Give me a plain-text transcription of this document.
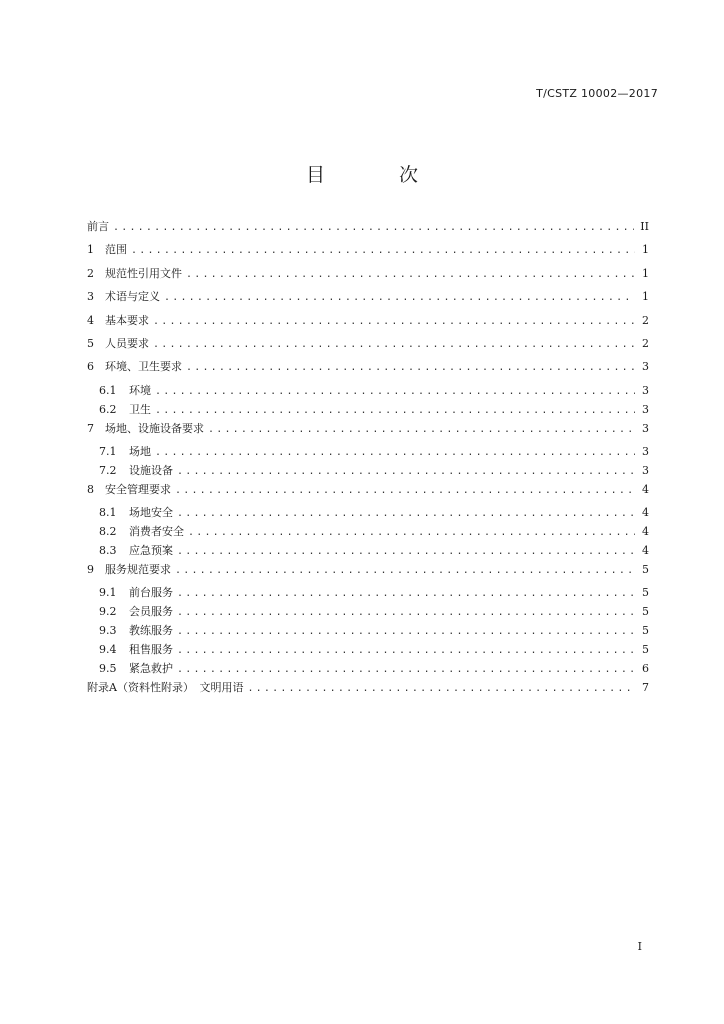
T/CSTZ 10002—2017
目 次
前言 .....	II
1	范围 .....	1
2	规范性引用文件 .....	1
3	术语与定义 .....	1
4	基本要求 .....	2
5	人员要求 .....	2
6	环境、卫生要求 .....	3
6.1	环境 .....	3
6.2	卫生 .....	3
7	场地、设施设备要求 .....	3
7.1	场地 .....	3
7.2	设施设备 .....	3
8	安全管理要求 .....	4
8.1	场地安全 .....	4
8.2	消费者安全 .....	4
8.3	应急预案 .....	4
9	服务规范要求 .....	5
9.1	前台服务 .....	5
9.2	会员服务 .....	5
9.3	教练服务 .....	5
9.4	租售服务 .....	5
9.5	紧急救护 .....	6
附录A（资料性附录）　文明用语 .....	7
I
